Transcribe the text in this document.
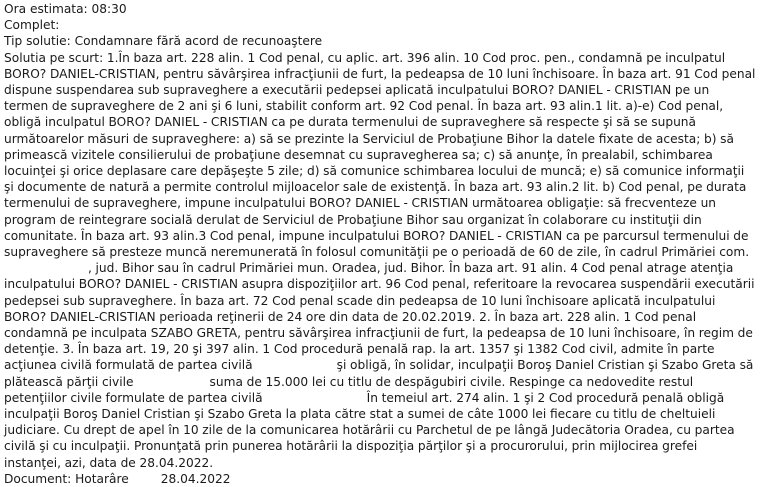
Ora estimata: 08:30
Complet:
Tip solutie: Condamnare fără acord de recunoaştere
Solutia pe scurt: 1.În baza art. 228 alin. 1 Cod penal, cu aplic. art. 396 alin. 10 Cod proc. pen., condamnă pe inculpatul BORO? DANIEL-CRISTIAN, pentru săvârşirea infracţiunii de furt, la pedeapsa de 10 luni închisoare. În baza art. 91 Cod penal dispune suspendarea sub supraveghere a executării pedepsei aplicată inculpatului BORO? DANIEL - CRISTIAN pe un termen de supraveghere de 2 ani şi 6 luni, stabilit conform art. 92 Cod penal. În baza art. 93 alin.1 lit. a)-e) Cod penal, obligă inculpatul BORO? DANIEL - CRISTIAN ca pe durata termenului de supraveghere să respecte şi să se supună următoarelor măsuri de supraveghere: a) să se prezinte la Serviciul de Probaţiune Bihor la datele fixate de acesta; b) să primească vizitele consilierului de probaţiune desemnat cu supravegherea sa; c) să anunţe, în prealabil, schimbarea locuinţei şi orice deplasare care depăşeşte 5 zile; d) să comunice schimbarea locului de muncă; e) să comunice informaţii şi documente de natură a permite controlul mijloacelor sale de existenţă. În baza art. 93 alin.2 lit. b) Cod penal, pe durata termenului de supraveghere, impune inculpatului BORO? DANIEL - CRISTIAN următoarea obligaţie: să frecventeze un program de reintegrare socială derulat de Serviciul de Probaţiune Bihor sau organizat în colaborare cu instituţii din comunitate. În baza art. 93 alin.3 Cod penal, impune inculpatului BORO? DANIEL - CRISTIAN ca pe parcursul termenului de supraveghere să presteze muncă neremunerată în folosul comunităţii pe o perioadă de 60 de zile, în cadrul Primăriei com., jud. Bihor sau în cadrul Primăriei mun. Oradea, jud. Bihor. În baza art. 91 alin. 4 Cod penal atrage atenţia inculpatului BORO? DANIEL - CRISTIAN asupra dispoziţiilor art. 96 Cod penal, referitoare la revocarea suspendării executării pedepsei sub supraveghere. În baza art. 72 Cod penal scade din pedeapsa de 10 luni închisoare aplicată inculpatului BORO? DANIEL-CRISTIAN perioada reţinerii de 24 ore din data de 20.02.2019. 2. În baza art. 228 alin. 1 Cod penal condamnă pe inculpata SZABO GRETA, pentru săvârşirea infracţiunii de furt, la pedeapsa de 10 luni închisoare, în regim de detenţie. 3. În baza art. 19, 20 şi 397 alin. 1 Cod procedură penală rap. la art. 1357 şi 1382 Cod civil, admite în parte acţiunea civilă formulată de partea civilă	şi obligă, în solidar, inculpaţii Boroş Daniel Cristian şi Szabo Greta să plătească părţii civile	suma de 15.000 lei cu titlu de despăgubiri civile. Respinge ca nedovedite restul petenţiilor civile formulate de partea civilă	În temeiul art. 274 alin. 1 şi 2 Cod procedură penală obligă inculpaţii Boroş Daniel Cristian şi Szabo Greta la plata către stat a sumei de câte 1000 lei fiecare cu titlu de cheltuieli judiciare. Cu drept de apel în 10 zile de la comunicarea hotărârii cu Parchetul de pe lângă Judecătoria Oradea, cu partea civilă şi cu inculpaţii. Pronunţată prin punerea hotărârii la dispoziţia părţilor şi a procurorului, prin mijlocirea grefei instanţei, azi, data de 28.04.2022.
Document: Hotarâre	28.04.2022
